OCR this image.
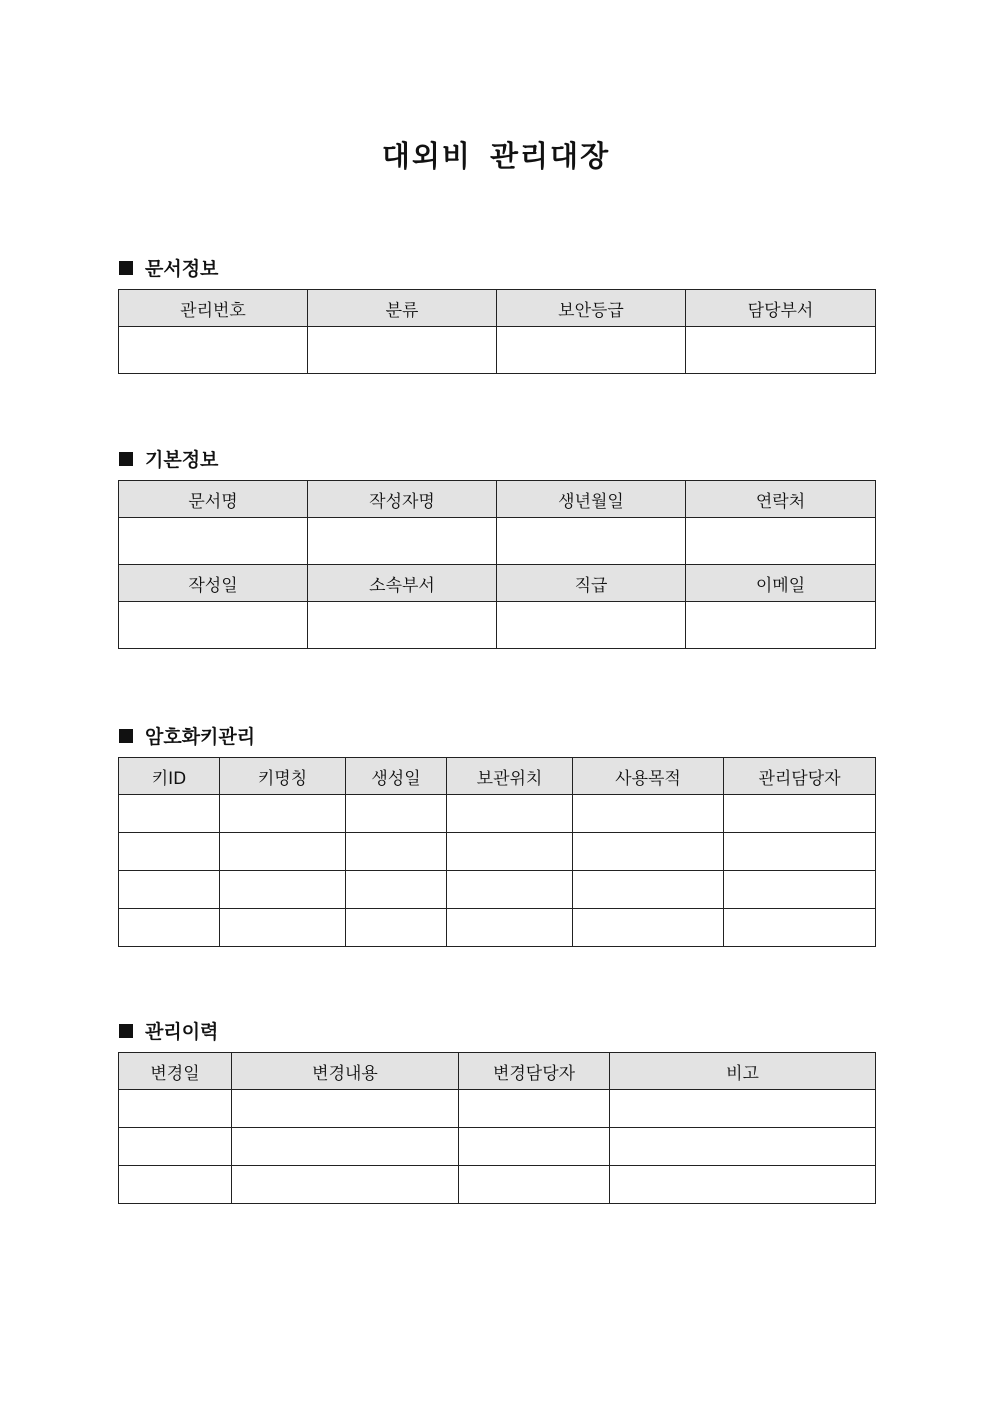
대외비 관리대장
문서정보
관리번호	분류	보안등급	담당부서

기본정보
문서명	작성자명	생년월일	연락처

작성일	소속부서	직급	이메일

암호화키관리
키ID	키명칭	생성일	보관위치	사용목적	관리담당자

관리이력
변경일	변경내용	변경담당자	비고
